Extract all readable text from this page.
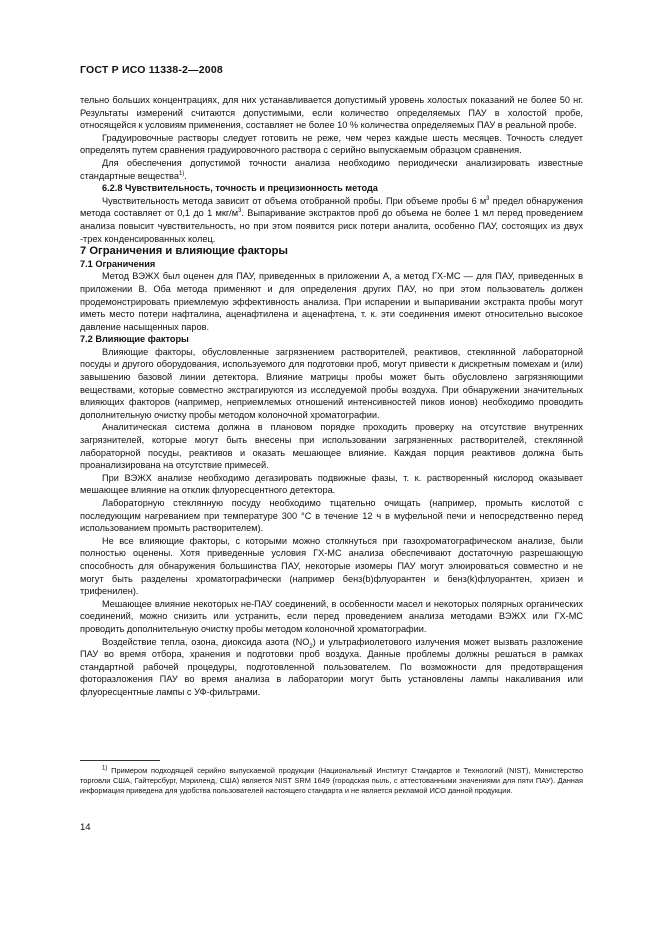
ГОСТ Р ИСО 11338-2—2008

тельно больших концентрациях, для них устанавливается допустимый уровень холостых показаний не более 50 нг. Результаты измерений считаются допустимыми, если количество определяемых ПАУ в холостой пробе, относящейся к условиям применения, составляет не более 10 % количества определяемых ПАУ в реальной пробе.

Градуировочные растворы следует готовить не реже, чем через каждые шесть месяцев. Точность следует определять путем сравнения градуировочного раствора с серийно выпускаемым образцом сравнения.

Для обеспечения допустимой точности анализа необходимо периодически анализировать известные стандартные вещества$^{1)}$.

6.2.8 Чувствительность, точность и прецизионность метода

Чувствительность метода зависит от объема отобранной пробы. При объеме пробы 6 $м^3$ предел обнаружения метода составляет от 0,1 до 1 мкг/$м^3$. Выпаривание экстрактов проб до объема не более 1 мл перед проведением анализа повысит чувствительность, но при этом появится риск потери аналита, особенно ПАУ, состоящих из двух -трех конденсированных колец.

7 Ограничения и влияющие факторы

7.1 Ограничения

Метод ВЭЖХ был оценен для ПАУ, приведенных в приложении А, а метод ГХ-МС — для ПАУ, приведенных в приложении В. Оба метода применяют и для определения других ПАУ, но при этом пользователь должен продемонстрировать приемлемую эффективность анализа. При испарении и выпаривании экстракта пробы могут иметь место потери нафталина, аценафтилена и аценафтена, т. к. эти соединения имеют относительно высокое давление насыщенных паров.

7.2 Влияющие факторы

Влияющие факторы, обусловленные загрязнением растворителей, реактивов, стеклянной лабораторной посуды и другого оборудования, используемого для подготовки проб, могут привести к дискретным помехам и (или) завышению базовой линии детектора. Влияние матрицы пробы может быть обусловлено загрязняющими веществами, которые совместно экстрагируются из исследуемой пробы воздуха. При обнаружении значительных влияющих факторов (например, неприемлемых отношений интенсивностей пиков ионов) необходимо проводить дополнительную очистку пробы методом колоночной хроматографии.

Аналитическая система должна в плановом порядке проходить проверку на отсутствие внутренних загрязнителей, которые могут быть внесены при использовании загрязненных растворителей, стеклянной лабораторной посуды, реактивов и оказать мешающее влияние. Каждая порция реактивов должна быть проанализирована на отсутствие примесей.

При ВЭЖХ анализе необходимо дегазировать подвижные фазы, т. к. растворенный кислород оказывает мешающее влияние на отклик флуоресцентного детектора.

Лабораторную стеклянную посуду необходимо тщательно очищать (например, промыть кислотой с последующим нагреванием при температуре 300 °С в течение 12 ч в муфельной печи и непосредственно перед использованием промыть растворителем).

Не все влияющие факторы, с которыми можно столкнуться при газохроматографическом анализе, были полностью оценены. Хотя приведенные условия ГХ-МС анализа обеспечивают достаточную разрешающую способность для обнаружения большинства ПАУ, некоторые изомеры ПАУ могут элюироваться совместно и не могут быть разделены хроматографически (например бенз(b)флуорантен и бенз(k)флуорантен, хризен и трифенилен).

Мешающее влияние некоторых не-ПАУ соединений, в особенности масел и некоторых полярных органических соединений, можно снизить или устранить, если перед проведением анализа методами ВЭЖХ или ГХ-МС проводить дополнительную очистку пробы методом колоночной хроматографии.

Воздействие тепла, озона, диоксида азота $(NO_2)$ и ультрафиолетового излучения может вызвать разложение ПАУ во время отбора, хранения и подготовки проб воздуха. Данные проблемы должны решаться в рамках стандартной рабочей процедуры, подготовленной пользователем. По возможности для предотвращения фоторазложения ПАУ во время анализа в лаборатории могут быть установлены лампы накаливания или флуоресцентные лампы с УФ-фильтрами.

$^{1)}$ Примером подходящей серийно выпускаемой продукции (Национальный Институт Стандартов и Технологий (NIST), Министерство торговли США, Гайтерсбург, Мэриленд, США) является NIST SRM 1649 (городская пыль, с аттестованными значениями для пяти ПАУ). Данная информация приведена для удобства пользователей настоящего стандарта и не является рекламой ИСО данной продукции.
14
